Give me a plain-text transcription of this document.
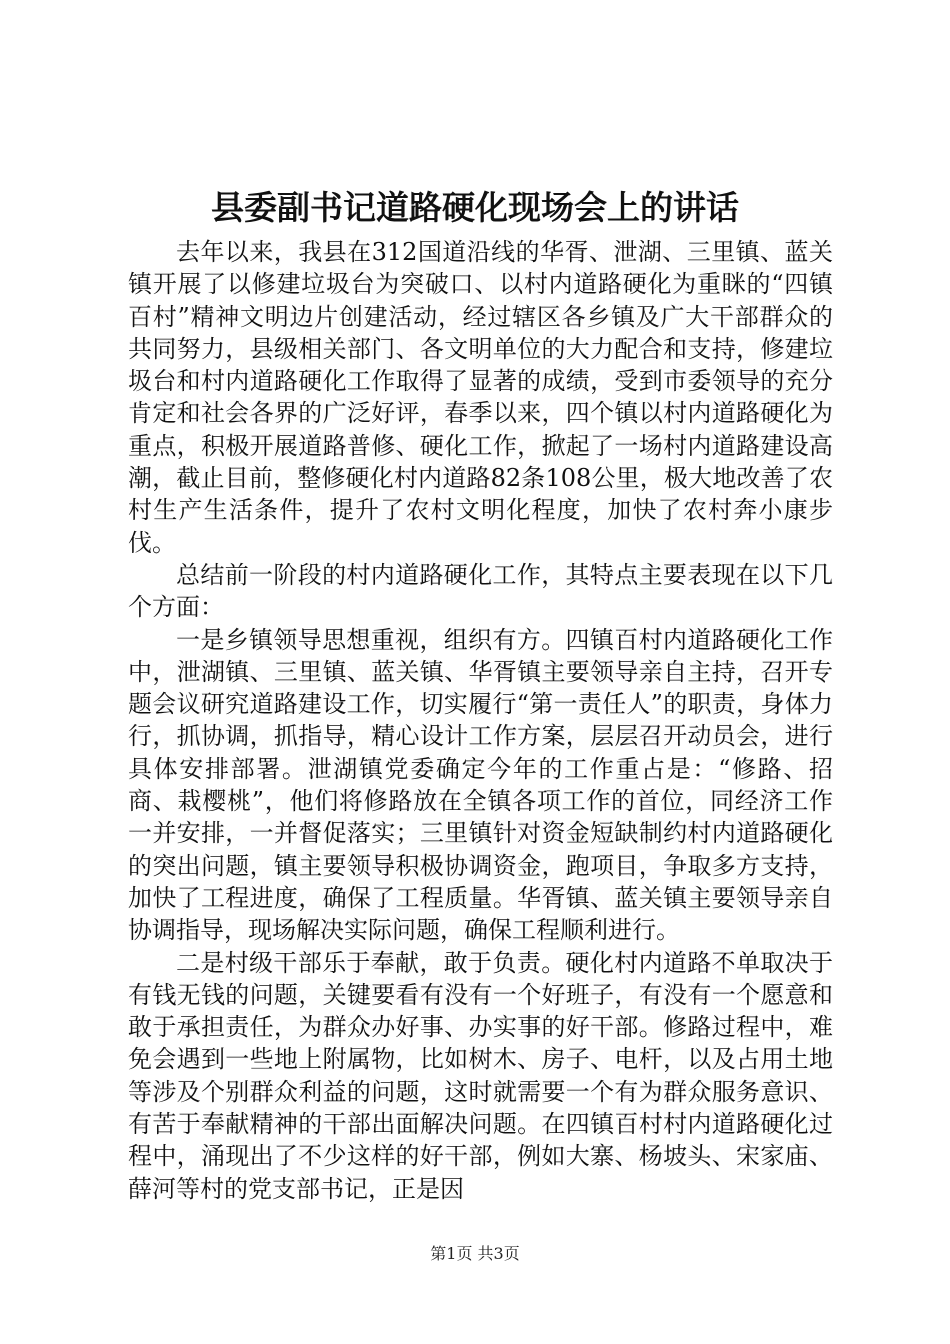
县委副书记道路硬化现场会上的讲话

去年以来，我县在312国道沿线的华胥、泄湖、三里镇、蓝关镇开展了以修建垃圾台为突破口、以村内道路硬化为重眯的“四镇百村”精神文明边片创建活动，经过辖区各乡镇及广大干部群众的共同努力，县级相关部门、各文明单位的大力配合和支持，修建垃圾台和村内道路硬化工作取得了显著的成绩，受到市委领导的充分肯定和社会各界的广泛好评，春季以来，四个镇以村内道路硬化为重点，积极开展道路普修、硬化工作，掀起了一场村内道路建设高潮，截止目前，整修硬化村内道路82条108公里，极大地改善了农村生产生活条件，提升了农村文明化程度，加快了农村奔小康步伐。

总结前一阶段的村内道路硬化工作，其特点主要表现在以下几个方面：

一是乡镇领导思想重视，组织有方。四镇百村内道路硬化工作中，泄湖镇、三里镇、蓝关镇、华胥镇主要领导亲自主持，召开专题会议研究道路建设工作，切实履行“第一责任人”的职责，身体力行，抓协调，抓指导，精心设计工作方案，层层召开动员会，进行具体安排部署。泄湖镇党委确定今年的工作重占是：“修路、招商、栽樱桃”，他们将修路放在全镇各项工作的首位，同经济工作一并安排，一并督促落实；三里镇针对资金短缺制约村内道路硬化的突出问题，镇主要领导积极协调资金，跑项目，争取多方支持，加快了工程进度，确保了工程质量。华胥镇、蓝关镇主要领导亲自协调指导，现场解决实际问题，确保工程顺利进行。

二是村级干部乐于奉献，敢于负责。硬化村内道路不单取决于有钱无钱的问题，关键要看有没有一个好班子，有没有一个愿意和敢于承担责任，为群众办好事、办实事的好干部。修路过程中，难免会遇到一些地上附属物，比如树木、房子、电杆，以及占用土地等涉及个别群众利益的问题，这时就需要一个有为群众服务意识、有苦于奉献精神的干部出面解决问题。在四镇百村村内道路硬化过程中，涌现出了不少这样的好干部，例如大寨、杨坡头、宋家庙、薛河等村的党支部书记，正是因

第1页 共3页
